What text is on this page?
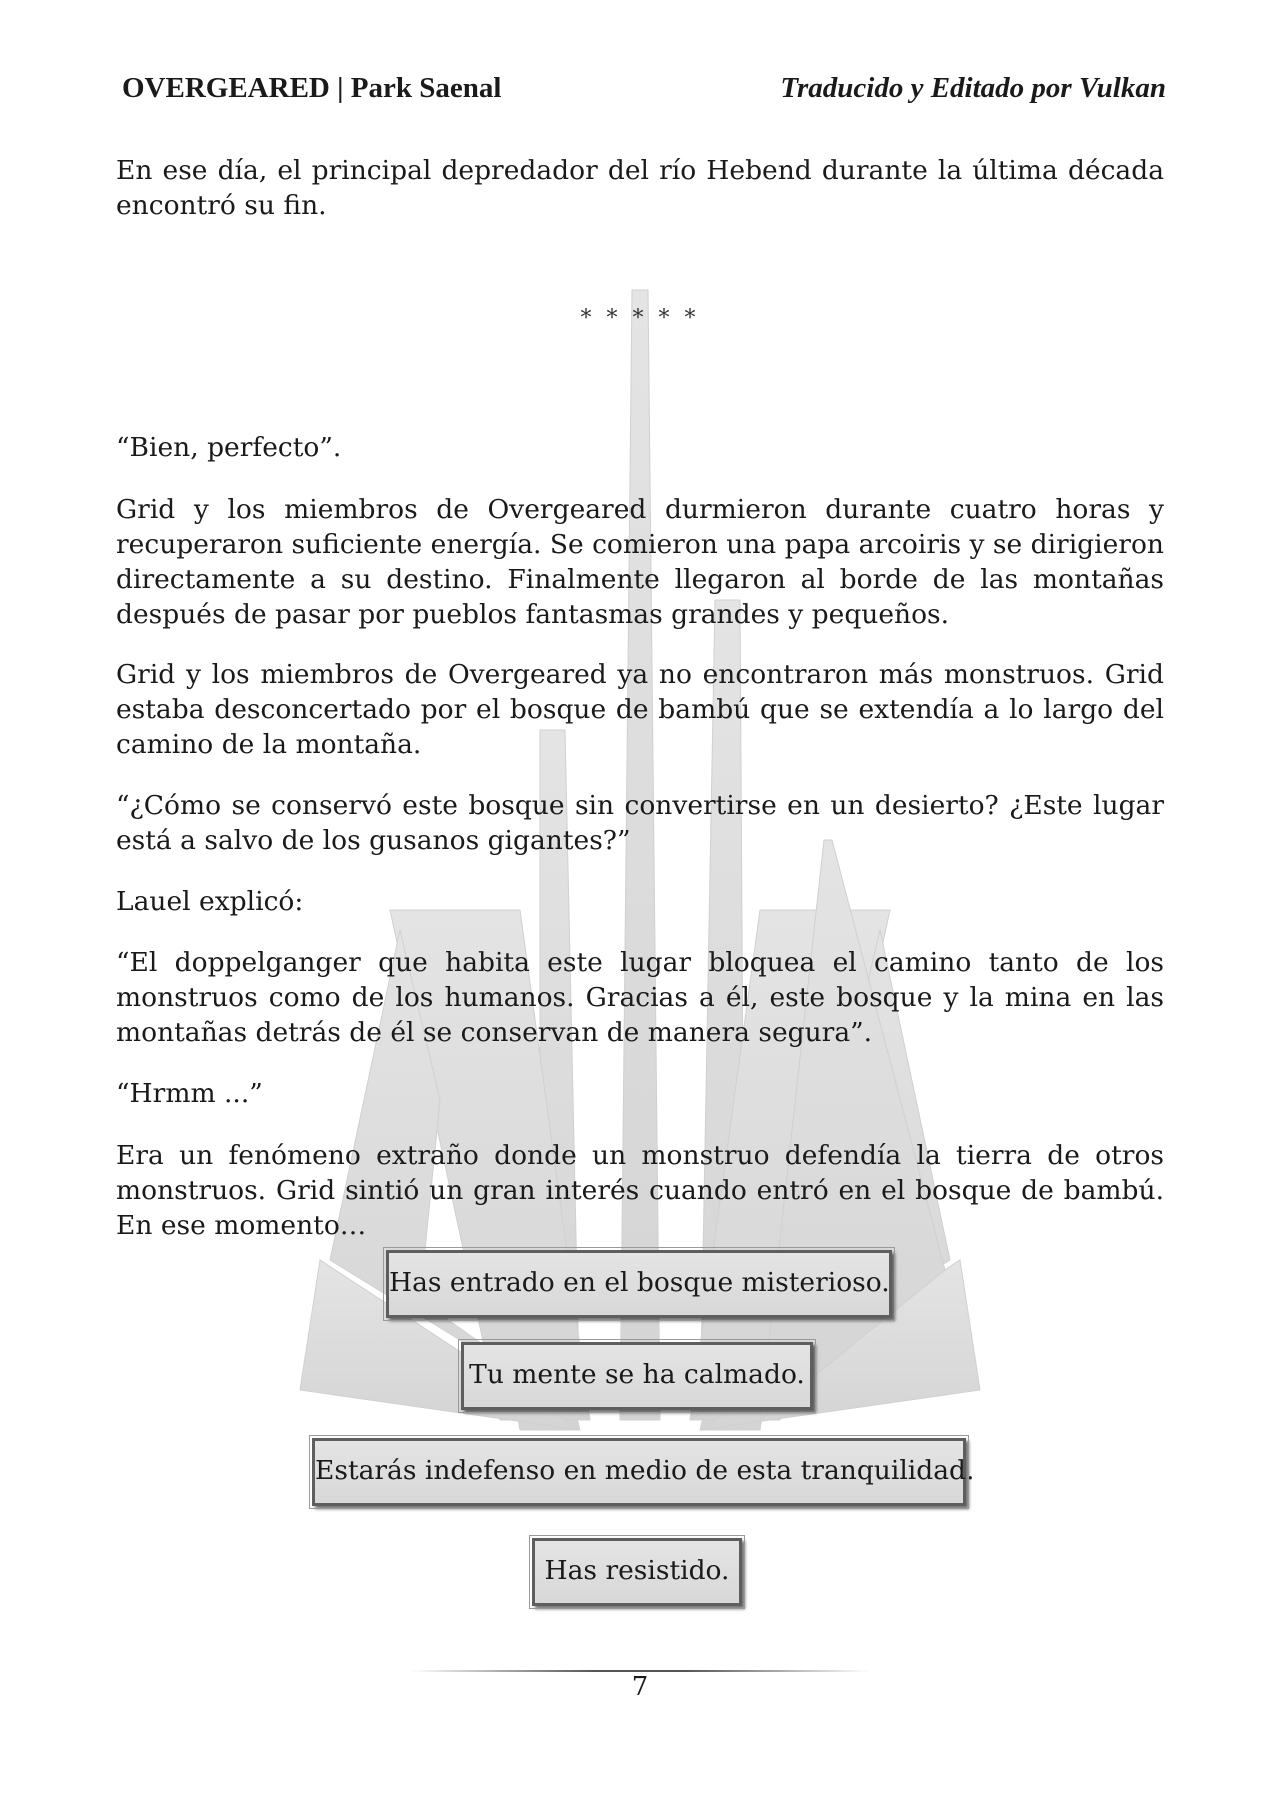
OVERGEARED | Park Saenal	Traducido y Editado por Vulkan

En ese día, el principal depredador del río Hebend durante la última década encontró su fin.

* * * * *

“Bien, perfecto”.

Grid y los miembros de Overgeared durmieron durante cuatro horas y recuperaron suficiente energía. Se comieron una papa arcoiris y se dirigieron directamente a su destino. Finalmente llegaron al borde de las montañas después de pasar por pueblos fantasmas grandes y pequeños.

Grid y los miembros de Overgeared ya no encontraron más monstruos. Grid estaba desconcertado por el bosque de bambú que se extendía a lo largo del camino de la montaña.

“¿Cómo se conservó este bosque sin convertirse en un desierto? ¿Este lugar está a salvo de los gusanos gigantes?”

Lauel explicó:

“El doppelganger que habita este lugar bloquea el camino tanto de los monstruos como de los humanos. Gracias a él, este bosque y la mina en las montañas detrás de él se conservan de manera segura”.

“Hrmm ...”

Era un fenómeno extraño donde un monstruo defendía la tierra de otros monstruos. Grid sintió un gran interés cuando entró en el bosque de bambú. En ese momento…

Has entrado en el bosque misterioso.
Tu mente se ha calmado.
Estarás indefenso en medio de esta tranquilidad.
Has resistido.
7
